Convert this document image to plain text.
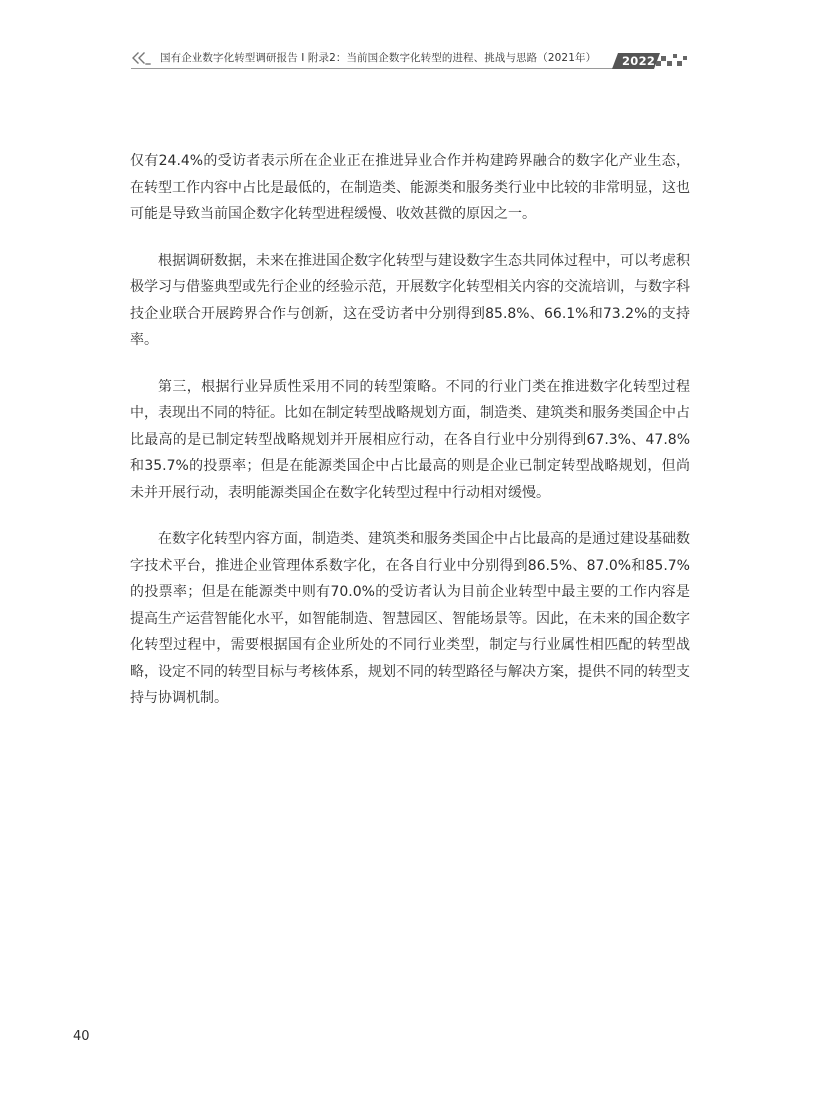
国有企业数字化转型调研报告 Ⅰ 附录2：当前国企数字化转型的进程、挑战与思路（2021年） 2022

仅有24.4%的受访者表示所在企业正在推进异业合作并构建跨界融合的数字化产业生态，在转型工作内容中占比是最低的，在制造类、能源类和服务类行业中比较的非常明显，这也可能是导致当前国企数字化转型进程缓慢、收效甚微的原因之一。

根据调研数据，未来在推进国企数字化转型与建设数字生态共同体过程中，可以考虑积极学习与借鉴典型或先行企业的经验示范，开展数字化转型相关内容的交流培训，与数字科技企业联合开展跨界合作与创新，这在受访者中分别得到85.8%、66.1%和73.2%的支持率。

第三，根据行业异质性采用不同的转型策略。不同的行业门类在推进数字化转型过程中，表现出不同的特征。比如在制定转型战略规划方面，制造类、建筑类和服务类国企中占比最高的是已制定转型战略规划并开展相应行动，在各自行业中分别得到67.3%、47.8%和35.7%的投票率；但是在能源类国企中占比最高的则是企业已制定转型战略规划，但尚未并开展行动，表明能源类国企在数字化转型过程中行动相对缓慢。

在数字化转型内容方面，制造类、建筑类和服务类国企中占比最高的是通过建设基础数字技术平台，推进企业管理体系数字化，在各自行业中分别得到86.5%、87.0%和85.7%的投票率；但是在能源类中则有70.0%的受访者认为目前企业转型中最主要的工作内容是提高生产运营智能化水平，如智能制造、智慧园区、智能场景等。因此，在未来的国企数字化转型过程中，需要根据国有企业所处的不同行业类型，制定与行业属性相匹配的转型战略，设定不同的转型目标与考核体系，规划不同的转型路径与解决方案，提供不同的转型支持与协调机制。

40
